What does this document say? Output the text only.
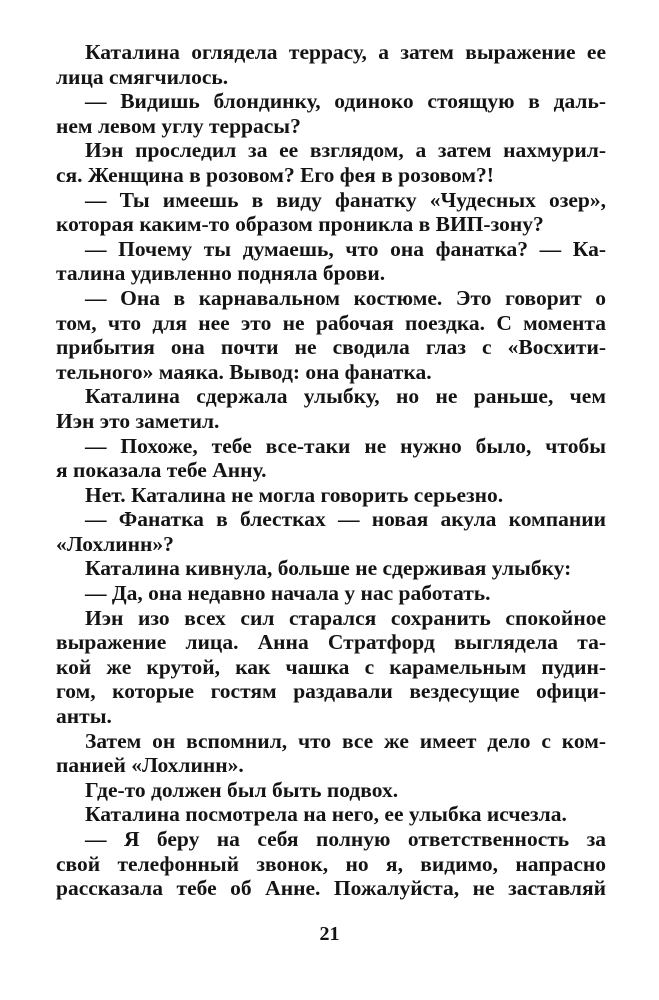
Каталина оглядела террасу, а затем выражение ее
лица смягчилось.
— Видишь блондинку, одиноко стоящую в даль-
нем левом углу террасы?
Иэн проследил за ее взглядом, а затем нахмурил-
ся. Женщина в розовом? Его фея в розовом?!
— Ты имеешь в виду фанатку «Чудесных озер»,
которая каким-то образом проникла в ВИП-зону?
— Почему ты думаешь, что она фанатка? — Ка-
талина удивленно подняла брови.
— Она в карнавальном костюме. Это говорит о
том, что для нее это не рабочая поездка. С момента
прибытия она почти не сводила глаз с «Восхити-
тельного» маяка. Вывод: она фанатка.
Каталина сдержала улыбку, но не раньше, чем
Иэн это заметил.
— Похоже, тебе все-таки не нужно было, чтобы
я показала тебе Анну.
Нет. Каталина не могла говорить серьезно.
— Фанатка в блестках — новая акула компании
«Лохлинн»?
Каталина кивнула, больше не сдерживая улыбку:
— Да, она недавно начала у нас работать.
Иэн изо всех сил старался сохранить спокойное
выражение лица. Анна Стратфорд выглядела та-
кой же крутой, как чашка с карамельным пудин-
гом, которые гостям раздавали вездесущие офици-
анты.
Затем он вспомнил, что все же имеет дело с ком-
панией «Лохлинн».
Где-то должен был быть подвох.
Каталина посмотрела на него, ее улыбка исчезла.
— Я беру на себя полную ответственность за
свой телефонный звонок, но я, видимо, напрасно
рассказала тебе об Анне. Пожалуйста, не заставляй
21
